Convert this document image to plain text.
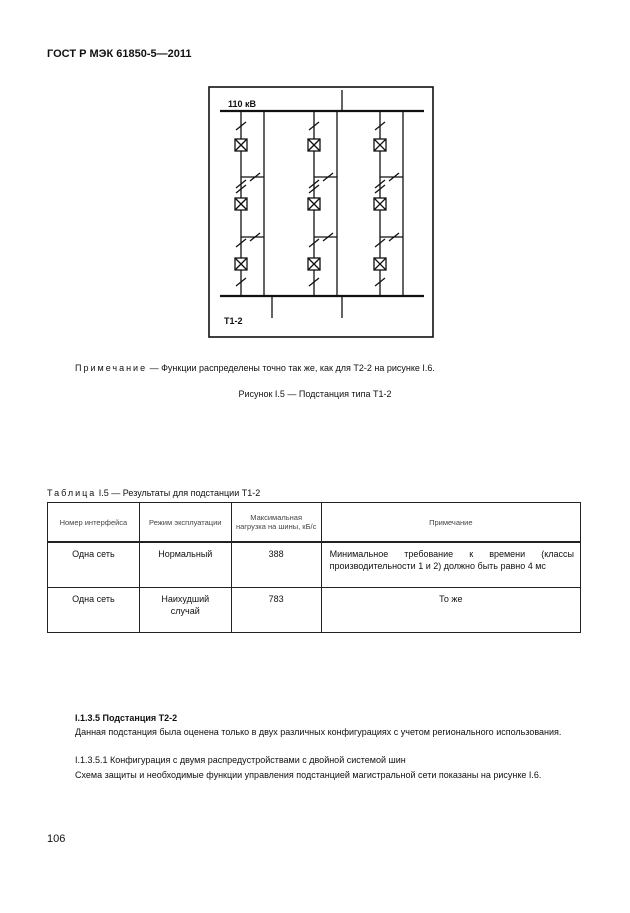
ГОСТ Р МЭК 61850-5—2011
110 кВ
Т1-2
Примечание — Функции распределены точно так же, как для Т2-2 на рисунке I.6.
Рисунок I.5 — Подстанция типа Т1-2
Таблица I.5 — Результаты для подстанции Т1-2
Номер интерфейса	Режим эксплуатации	Максимальная нагрузка на шины, кБ/с	Примечание
Одна сеть	Нормальный	388	Минимальное требование к времени (классы производительности 1 и 2) должно быть равно 4 мс
Одна сеть	Наихудший случай	783	То же
I.1.3.5 Подстанция Т2-2
Данная подстанция была оценена только в двух различных конфигурациях с учетом регионального использования.
I.1.3.5.1 Конфигурация с двумя распредустройствами с двойной системой шин
Схема защиты и необходимые функции управления подстанцией магистральной сети показаны на рисунке I.6.
106
